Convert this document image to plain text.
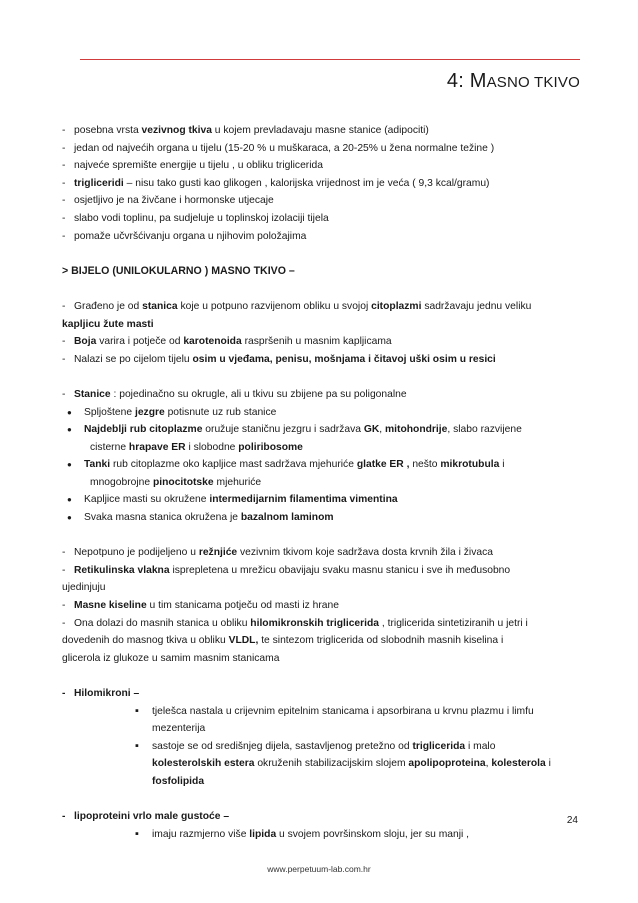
4: MASNO TKIVO
- posebna vrsta vezivnog tkiva u kojem prevladavaju masne stanice (adipociti)
- jedan od najvećih organa u tijelu (15-20 % u muškaraca, a 20-25% u žena normalne težine )
- najveće spremište energije u tijelu , u obliku triglicerida
- trigliceridi – nisu tako gusti kao glikogen , kalorijska vrijednost im je veća ( 9,3 kcal/gramu)
- osjetljivo je na živčane i hormonske utjecaje
- slabo vodi toplinu, pa sudjeluje u toplinskoj izolaciji tijela
- pomaže učvršćivanju organa u njihovim položajima
> BIJELO (UNILOKULARNO ) MASNO TKIVO –
- Građeno je od stanica koje u potpuno razvijenom obliku u svojoj citoplazmi sadržavaju jednu veliku
kapljicu žute masti
- Boja varira i potječe od karotenoida raspršenih u masnim kapljicama
- Nalazi se po cijelom tijelu osim u vjeđama, penisu, mošnjama i čitavoj uški osim u resici
- Stanice : pojedinačno su okrugle, ali u tkivu su zbijene pa su poligonalne
● Spljoštene jezgre potisnute uz rub stanice
● Najdeblji rub citoplazme oružuje staničnu jezgru i sadržava GK, mitohondrije, slabo razvijene
cisterne hrapave ER i slobodne poliribosome
● Tanki rub citoplazme oko kapljice mast sadržava mjehuriće glatke ER , nešto mikrotubula i
mnogobrojne pinocitotske mjehuriće
● Kapljice masti su okružene intermedijarnim filamentima vimentina
● Svaka masna stanica okružena je bazalnom laminom
- Nepotpuno je podijeljeno u režnjiće vezivnim tkivom koje sadržava dosta krvnih žila i živaca
- Retikulinska vlakna isprepletena u mrežicu obavijaju svaku masnu stanicu i sve ih međusobno
ujedinjuju
- Masne kiseline u tim stanicama potječu od masti iz hrane
- Ona dolazi do masnih stanica u obliku hilomikronskih triglicerida , triglicerida sintetiziranih u jetri i
dovedenih do masnog tkiva u obliku VLDL, te sintezom triglicerida od slobodnih masnih kiselina i
glicerola iz glukoze u samim masnim stanicama
- Hilomikroni –
▪ tjelešca nastala u crijevnim epitelnim stanicama i apsorbirana u krvnu plazmu i limfu
mezenterija
▪ sastoje se od središnjeg dijela, sastavljenog pretežno od triglicerida i malo
kolesterolskih estera okruženih stabilizacijskim slojem apolipoproteina, kolesterola i
fosfolipida
- lipoproteini vrlo male gustoće –
▪ imaju razmjerno više lipida u svojem površinskom sloju, jer su manji ,
24
www.perpetuum-lab.com.hr
